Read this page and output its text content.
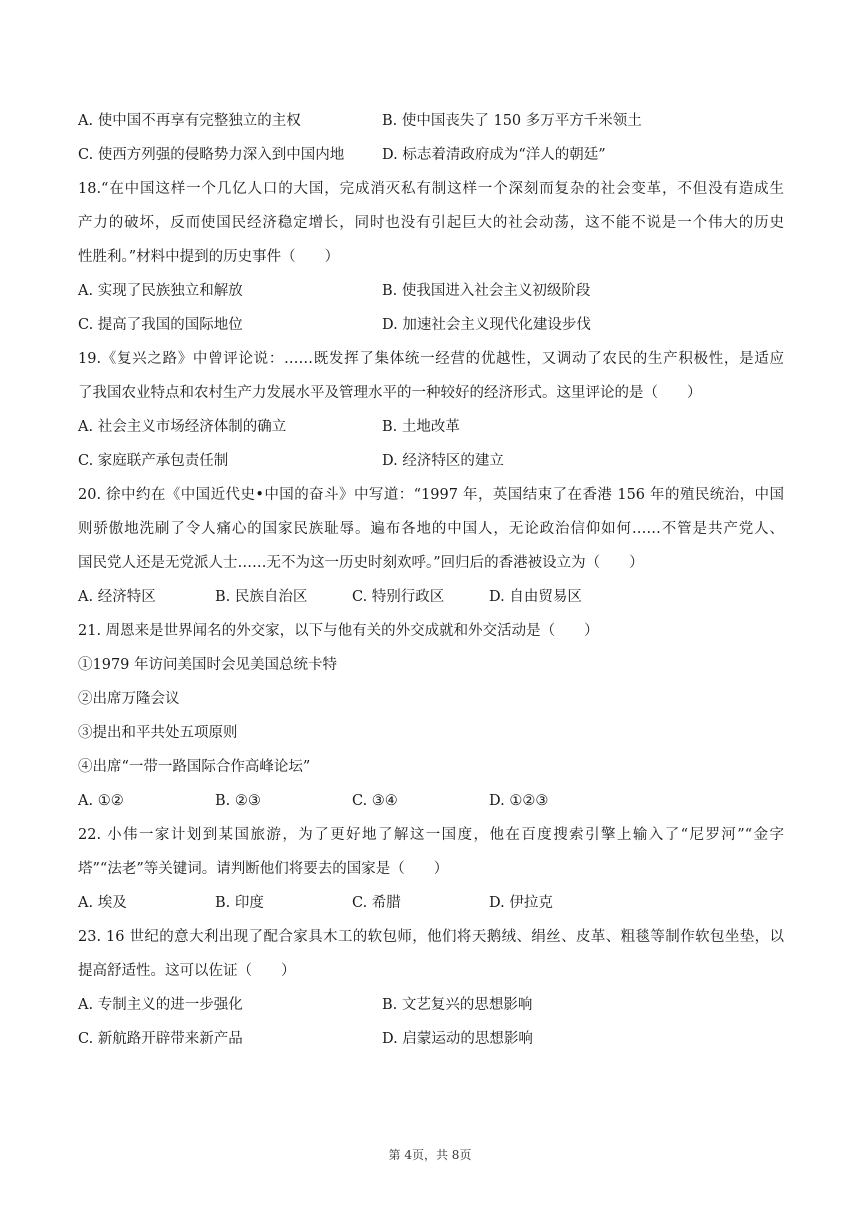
A. 使中国不再享有完整独立的主权	B. 使中国丧失了 150 多万平方千米领土
C. 使西方列强的侵略势力深入到中国内地	D. 标志着清政府成为“洋人的朝廷”
18.“在中国这样一个几亿人口的大国，完成消灭私有制这样一个深刻而复杂的社会变革，不但没有造成生
产力的破坏，反而使国民经济稳定增长，同时也没有引起巨大的社会动荡，这不能不说是一个伟大的历史
性胜利。”材料中提到的历史事件（　　）
A. 实现了民族独立和解放	B. 使我国进入社会主义初级阶段
C. 提高了我国的国际地位	D. 加速社会主义现代化建设步伐
19.《复兴之路》中曾评论说：……既发挥了集体统一经营的优越性，又调动了农民的生产积极性，是适应
了我国农业特点和农村生产力发展水平及管理水平的一种较好的经济形式。这里评论的是（　　）
A. 社会主义市场经济体制的确立	B. 土地改革
C. 家庭联产承包责任制	D. 经济特区的建立
20. 徐中约在《中国近代史•中国的奋斗》中写道：“1997 年，英国结束了在香港 156 年的殖民统治，中国
则骄傲地洗刷了令人痛心的国家民族耻辱。遍布各地的中国人，无论政治信仰如何……不管是共产党人、
国民党人还是无党派人士……无不为这一历史时刻欢呼。”回归后的香港被设立为（　　）
A. 经济特区	B. 民族自治区	C. 特别行政区	D. 自由贸易区
21. 周恩来是世界闻名的外交家，以下与他有关的外交成就和外交活动是（　　）
①1979 年访问美国时会见美国总统卡特
②出席万隆会议
③提出和平共处五项原则
④出席“一带一路国际合作高峰论坛”
A. ①②	B. ②③	C. ③④	D. ①②③
22. 小伟一家计划到某国旅游，为了更好地了解这一国度，他在百度搜索引擎上输入了“尼罗河”“金字
塔”“法老”等关键词。请判断他们将要去的国家是（　　）
A. 埃及	B. 印度	C. 希腊	D. 伊拉克
23. 16 世纪的意大利出现了配合家具木工的软包师，他们将天鹅绒、绢丝、皮革、粗毯等制作软包坐垫，以
提高舒适性。这可以佐证（　　）
A. 专制主义的进一步强化	B. 文艺复兴的思想影响
C. 新航路开辟带来新产品	D. 启蒙运动的思想影响
第 4页，共 8页
